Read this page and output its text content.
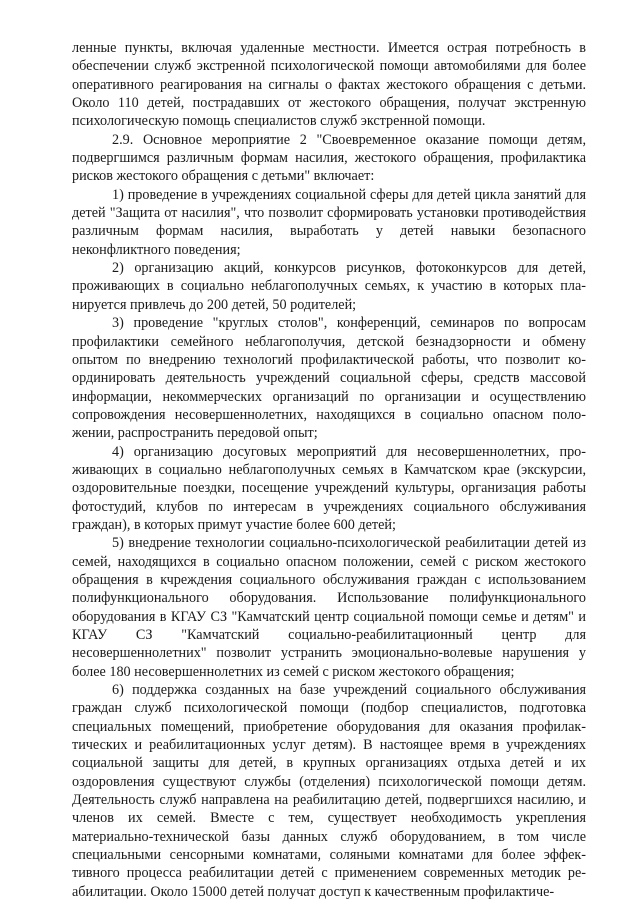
ленные пункты, включая удаленные местности. Имеется острая потребность в обеспечении служб экстренной психологической помощи автомобилями для более оперативного реагирования на сигналы о фактах жестокого обращения с детьми. Около 110 детей, пострадавших от жестокого обращения, получат экстренную психологическую помощь специалистов служб экстренной помощи.

2.9. Основное мероприятие 2 "Своевременное оказание помощи детям, подвергшимся различным формам насилия, жестокого обращения, профилактика рисков жестокого обращения с детьми" включает:

1) проведение в учреждениях социальной сферы для детей цикла занятий для детей "Защита от насилия", что позволит сформировать установки противодействия различным формам насилия, выработать у детей навыки безопасного неконфликтного поведения;

2) организацию акций, конкурсов рисунков, фотоконкурсов для детей, проживающих в социально неблагополучных семьях, к участию в которых планируется привлечь до 200 детей, 50 родителей;

3) проведение "круглых столов", конференций, семинаров по вопросам профилактики семейного неблагополучия, детской безнадзорности и обмену опытом по внедрению технологий профилактической работы, что позволит координировать деятельность учреждений социальной сферы, средств массовой информации, некоммерческих организаций по организации и осуществлению сопровождения несовершеннолетних, находящихся в социально опасном положении, распространить передовой опыт;

4) организацию досуговых мероприятий для несовершеннолетних, проживающих в социально неблагополучных семьях в Камчатском крае (экскурсии, оздоровительные поездки, посещение учреждений культуры, организация работы фотостудий, клубов по интересам в учреждениях социального обслуживания граждан), в которых примут участие более 600 детей;

5) внедрение технологии социально-психологической реабилитации детей из семей, находящихся в социально опасном положении, семей с риском жестокого обращения в кчреждения социального обслуживания граждан с использованием полифункционального оборудования. Использование полифункционального оборудования в КГАУ СЗ "Камчатский центр социальной помощи семье и детям" и КГАУ СЗ "Камчатский социально-реабилитационный центр для несовершеннолетних" позволит устранить эмоционально-волевые нарушения у более 180 несовершеннолетних из семей с риском жестокого обращения;

6) поддержка созданных на базе учреждений социального обслуживания граждан служб психологической помощи (подбор специалистов, подготовка специальных помещений, приобретение оборудования для оказания профилактических и реабилитационных услуг детям). В настоящее время в учреждениях социальной защиты для детей, в крупных организациях отдыха детей и их оздоровления существуют службы (отделения) психологической помощи детям. Деятельность служб направлена на реабилитацию детей, подвергшихся насилию, и членов их семей. Вместе с тем, существует необходимость укрепления материально-технической базы данных служб оборудованием, в том числе специальными сенсорными комнатами, соляными комнатами для более эффективного процесса реабилитации детей с применением современных методик реабилитации. Около 15000 детей получат доступ к качественным профилактиче-
